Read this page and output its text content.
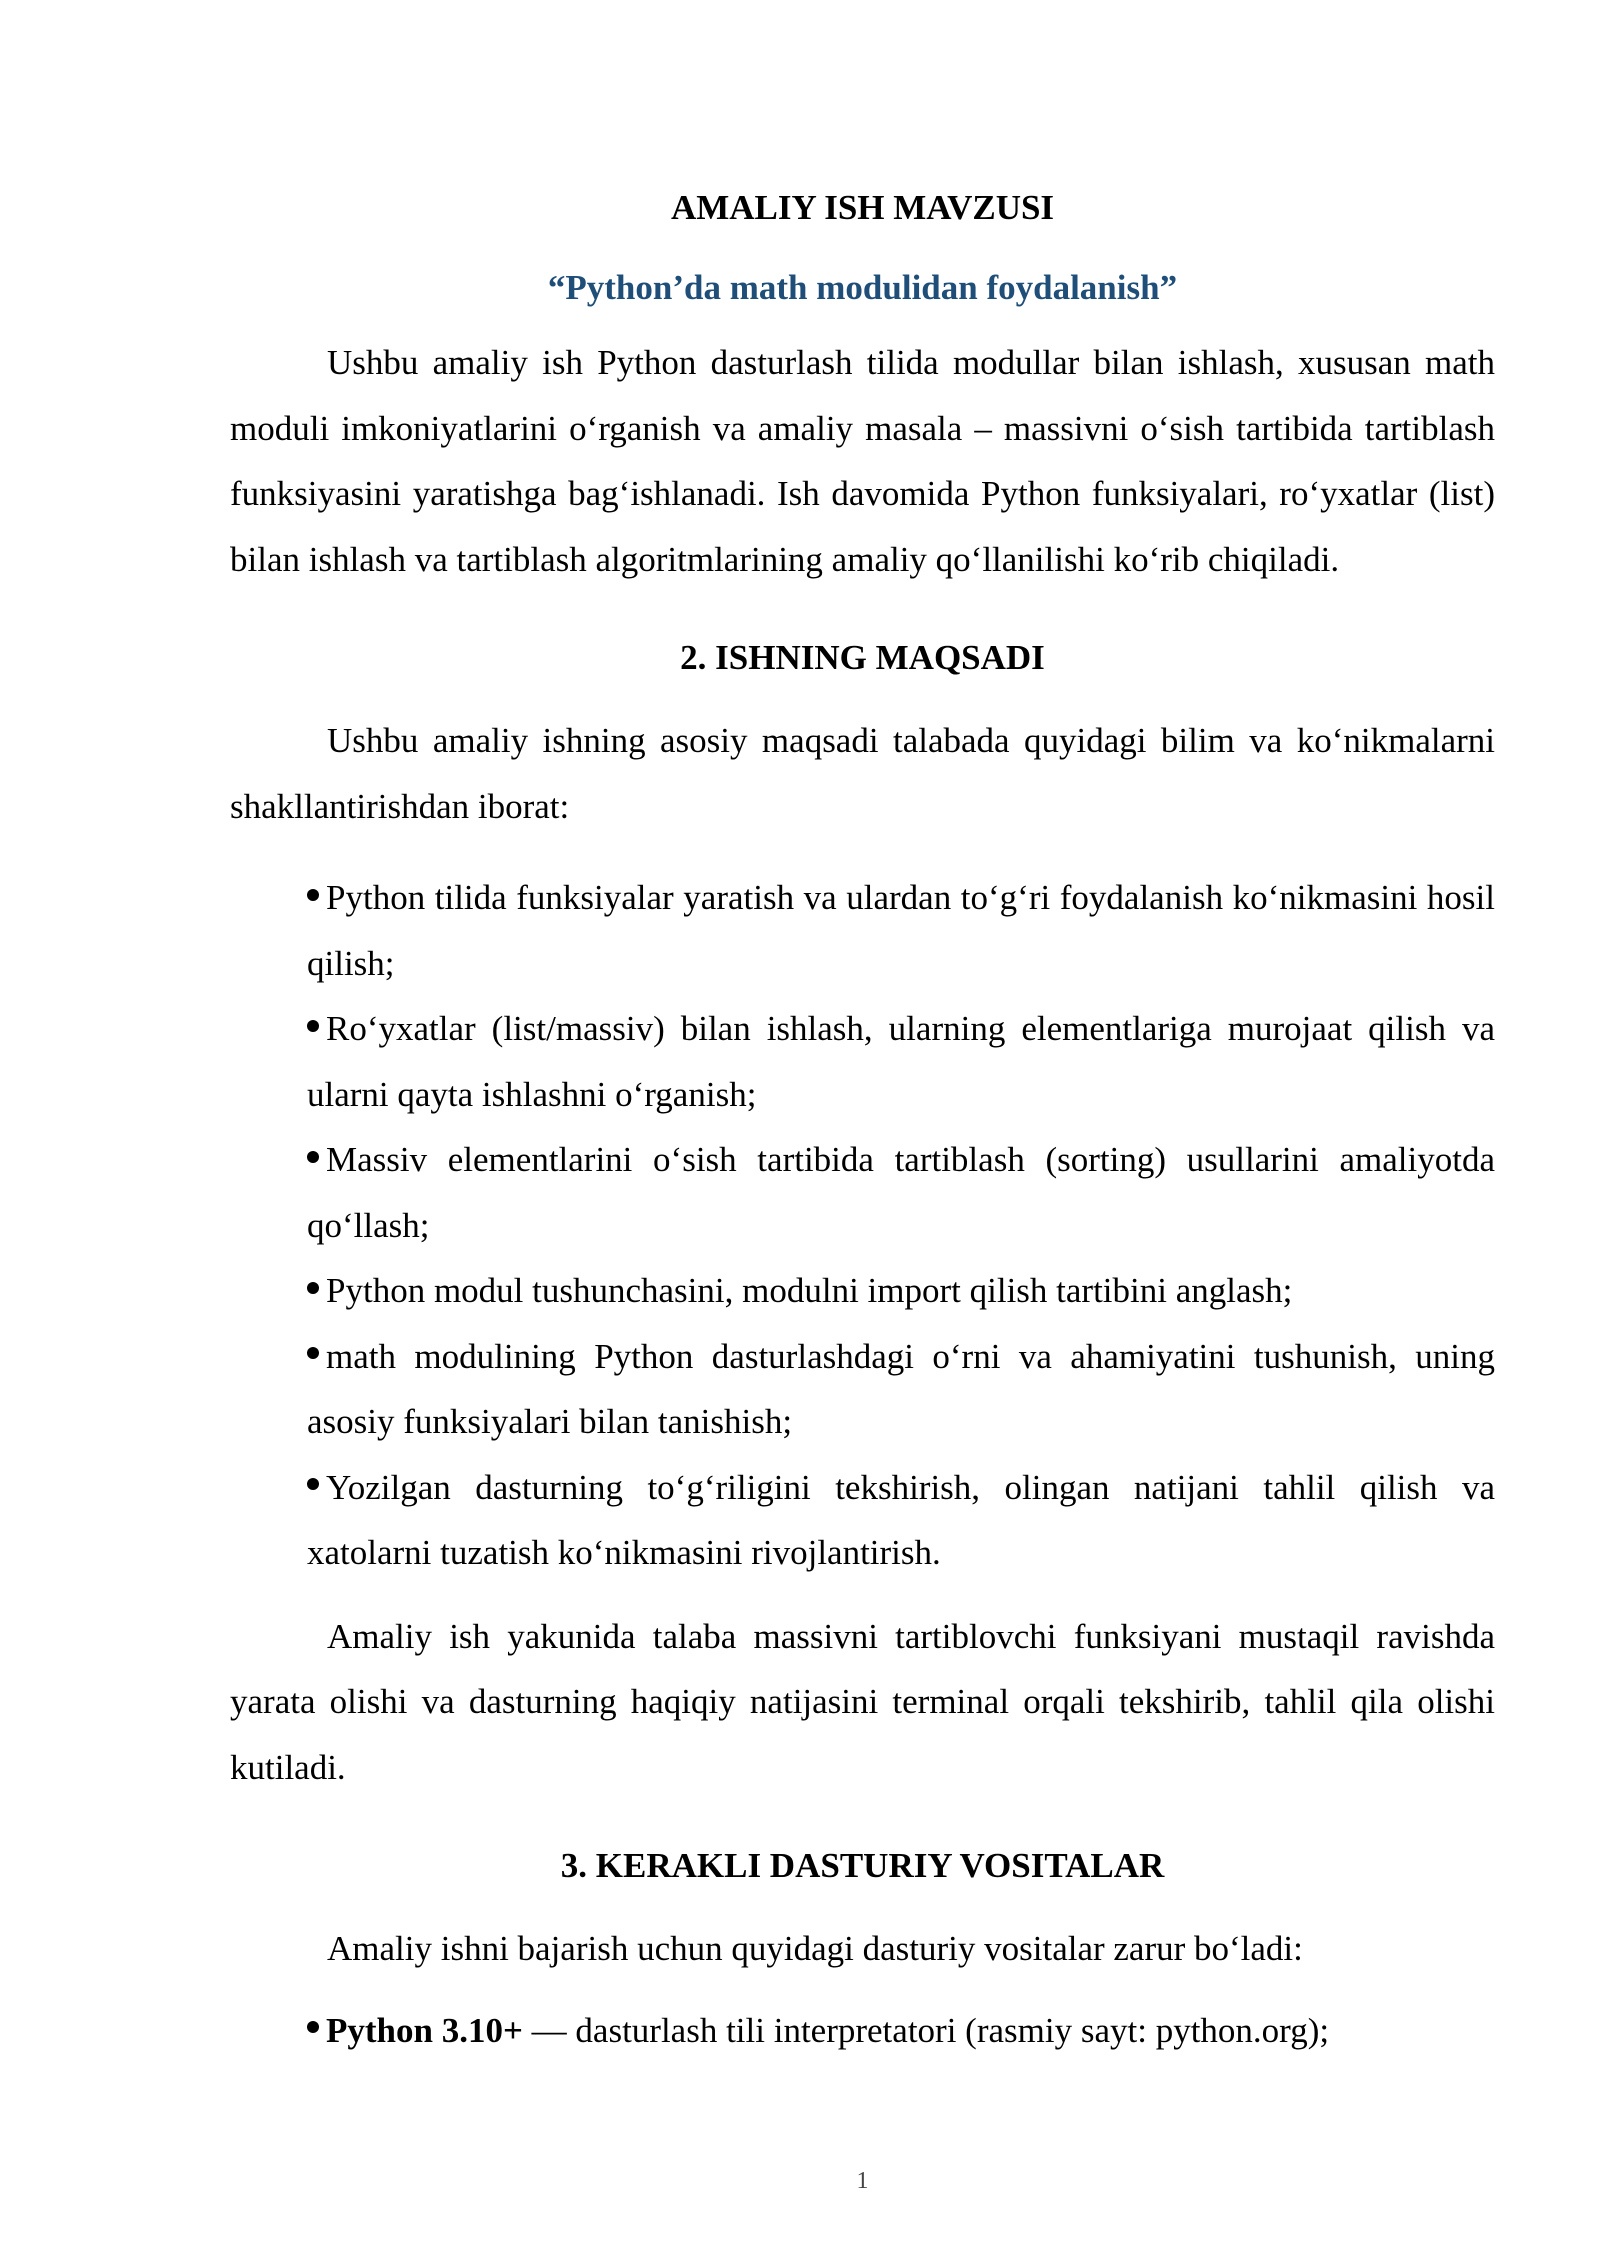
AMALIY ISH MAVZUSI
“Python’da math modulidan foydalanish”

Ushbu amaliy ish Python dasturlash tilida modullar bilan ishlash, xususan math moduli imkoniyatlarini o‘rganish va amaliy masala – massivni o‘sish tartibida tartiblash funksiyasini yaratishga bag‘ishlanadi. Ish davomida Python funksiyalari, ro‘yxatlar (list) bilan ishlash va tartiblash algoritmlarining amaliy qo‘llanilishi ko‘rib chiqiladi.

2. ISHNING MAQSADI

Ushbu amaliy ishning asosiy maqsadi talabada quyidagi bilim va ko‘nikmalarni shakllantirishdan iborat:

Python tilida funksiyalar yaratish va ulardan to‘g‘ri foydalanish ko‘nikmasini hosil qilish;
Ro‘yxatlar (list/massiv) bilan ishlash, ularning elementlariga murojaat qilish va ularni qayta ishlashni o‘rganish;
Massiv elementlarini o‘sish tartibida tartiblash (sorting) usullarini amaliyotda qo‘llash;
Python modul tushunchasini, modulni import qilish tartibini anglash;
math modulining Python dasturlashdagi o‘rni va ahamiyatini tushunish, uning asosiy funksiyalari bilan tanishish;
Yozilgan dasturning to‘g‘riligini tekshirish, olingan natijani tahlil qilish va xatolarni tuzatish ko‘nikmasini rivojlantirish.

Amaliy ish yakunida talaba massivni tartiblovchi funksiyani mustaqil ravishda yarata olishi va dasturning haqiqiy natijasini terminal orqali tekshirib, tahlil qila olishi kutiladi.

3. KERAKLI DASTURIY VOSITALAR

Amaliy ishni bajarish uchun quyidagi dasturiy vositalar zarur bo‘ladi:

Python 3.10+ — dasturlash tili interpretatori (rasmiy sayt: python.org);
1
